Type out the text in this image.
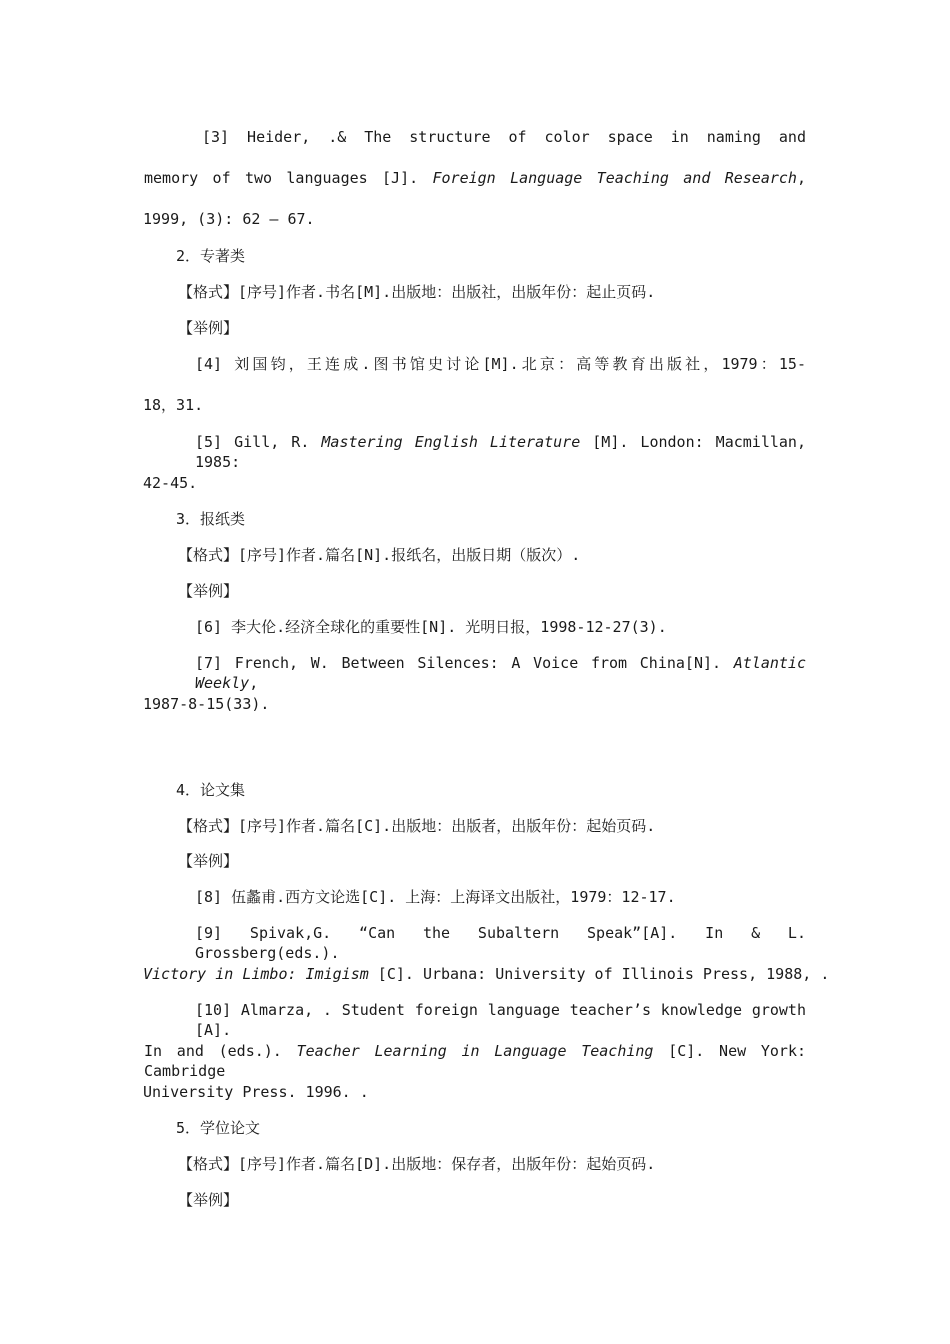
[3] Heider, .& The structure of color space in naming and
memory of two languages [J]. Foreign Language Teaching and Research,
1999, (3): 62 – 67.
2．专著类
【格式】[序号]作者.书名[M].出版地：出版社，出版年份：起止页码.
【举例】
[4] 刘国钧，王连成.图书馆史讨论[M].北京：高等教育出版社，1979：15-
18，31.
[5] Gill, R. Mastering English Literature [M]. London: Macmillan, 1985:
42-45.
3．报纸类
【格式】[序号]作者.篇名[N].报纸名，出版日期（版次）.
【举例】
[6] 李大伦.经济全球化的重要性[N]. 光明日报，1998-12-27(3).
[7] French, W. Between Silences: A Voice from China[N]. Atlantic Weekly,
1987-8-15(33).
4．论文集
【格式】[序号]作者.篇名[C].出版地：出版者，出版年份：起始页码.
【举例】
[8] 伍蠡甫.西方文论选[C]. 上海：上海译文出版社，1979：12-17.
[9] Spivak,G. “Can the Subaltern Speak”[A]. In & L. Grossberg(eds.).
Victory in Limbo: Imigism [C]. Urbana: University of Illinois Press, 1988, .
[10] Almarza, . Student foreign language teacher’s knowledge growth [A].
In and (eds.). Teacher Learning in Language Teaching [C]. New York: Cambridge
University Press. 1996. .
5．学位论文
【格式】[序号]作者.篇名[D].出版地：保存者，出版年份：起始页码.
【举例】
